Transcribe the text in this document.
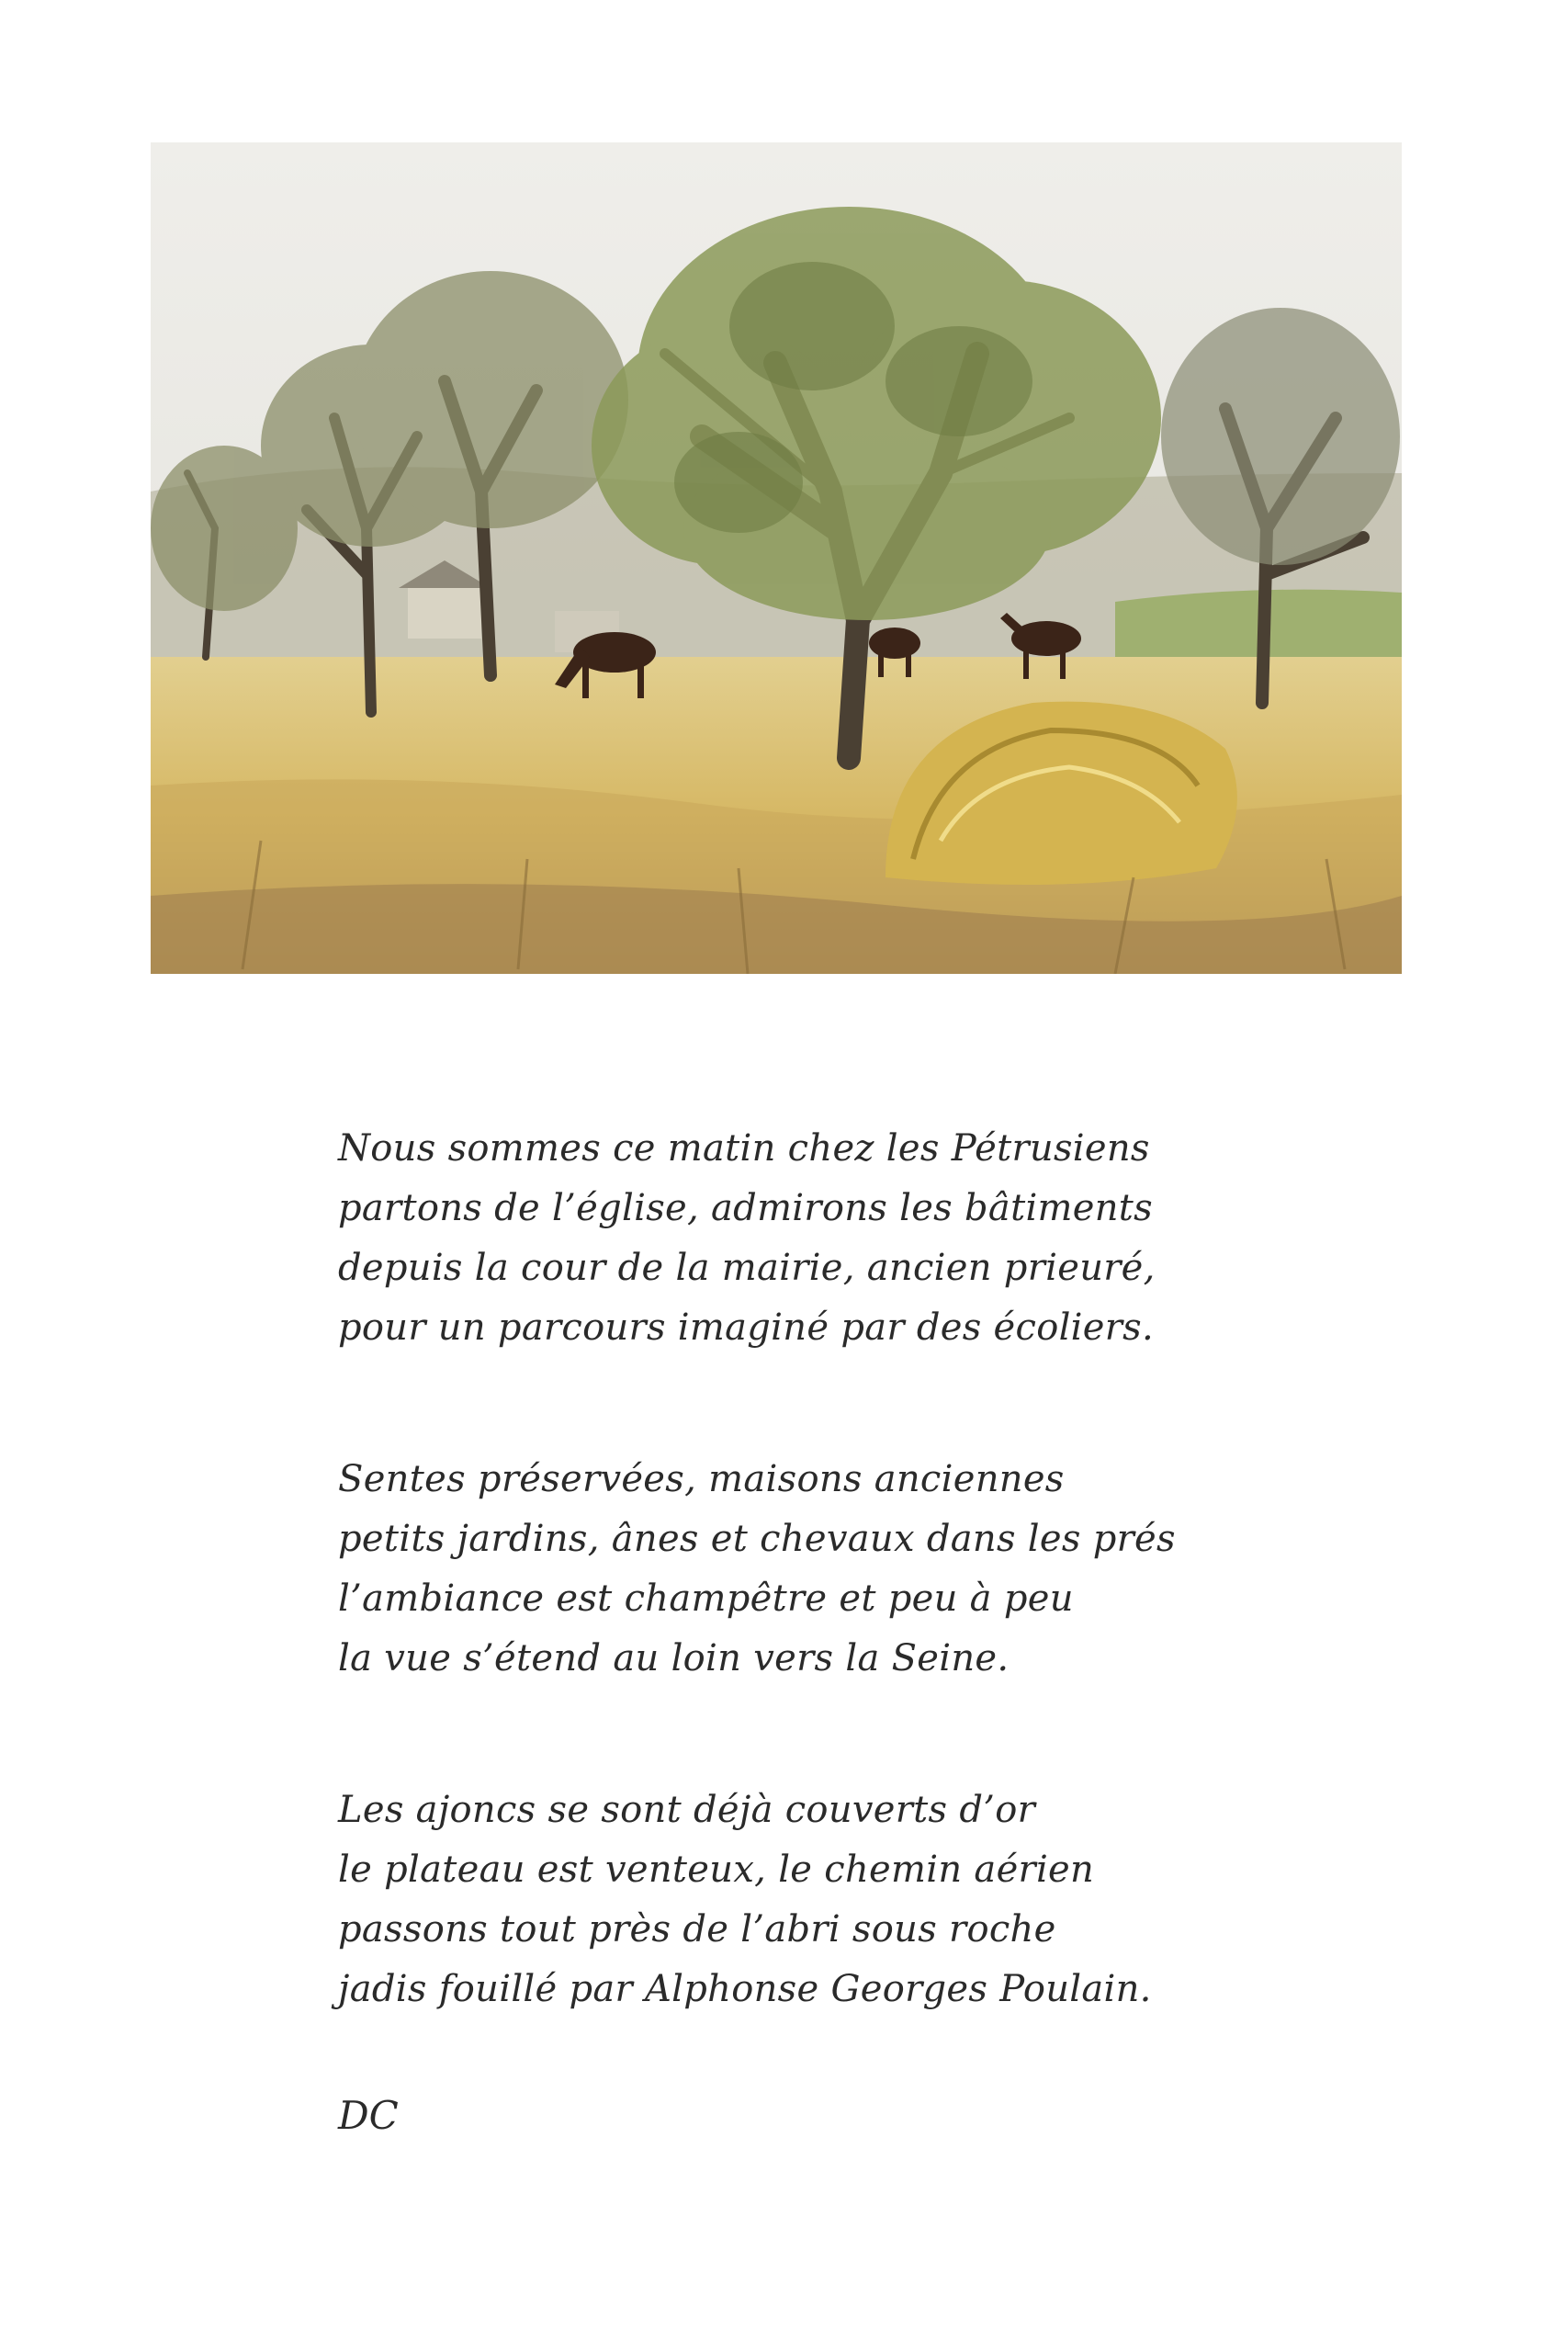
Nous sommes ce matin chez les Pétrusiens
partons de l’église, admirons les bâtiments
depuis la cour de la mairie, ancien prieuré,
pour un parcours imaginé par des écoliers.
Sentes préservées, maisons anciennes
petits jardins, ânes et chevaux dans les prés
l’ambiance est champêtre et peu à peu
la vue s’étend au loin vers la Seine.
Les ajoncs se sont déjà couverts d’or
le plateau est venteux, le chemin aérien
passons tout près de l’abri sous roche
jadis fouillé par Alphonse Georges Poulain.
DC
